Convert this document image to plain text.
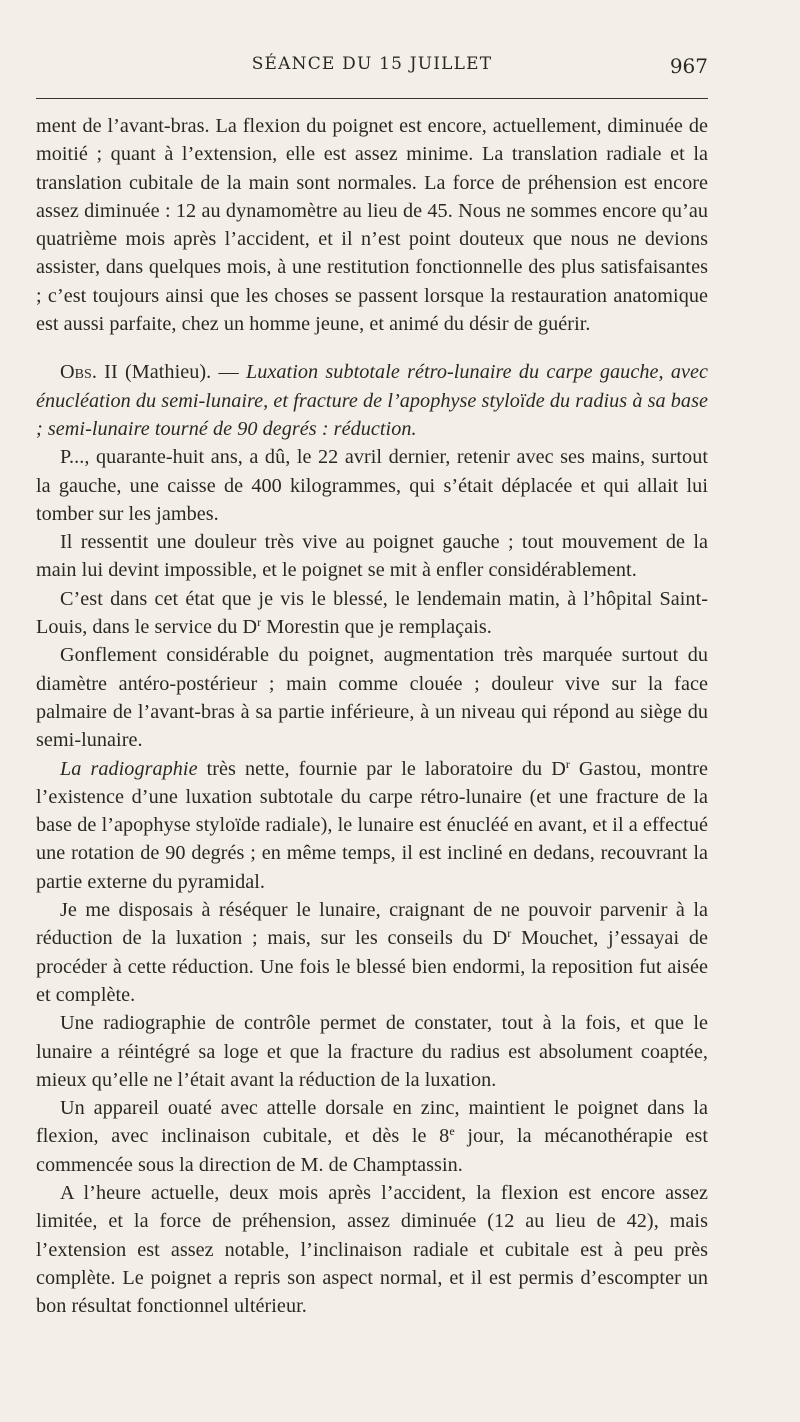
SÉANCE DU 15 JUILLET	967

ment de l’avant-bras. La flexion du poignet est encore, actuellement, diminuée de moitié ; quant à l’extension, elle est assez minime. La translation radiale et la translation cubitale de la main sont normales. La force de préhension est encore assez diminuée : 12 au dynamomètre au lieu de 45. Nous ne sommes encore qu’au quatrième mois après l’accident, et il n’est point douteux que nous ne devions assister, dans quelques mois, à une restitution fonctionnelle des plus satisfaisantes ; c’est toujours ainsi que les choses se passent lorsque la restauration anatomique est aussi parfaite, chez un homme jeune, et animé du désir de guérir.

Obs. II (Mathieu). — Luxation subtotale rétro-lunaire du carpe gauche, avec énucléation du semi-lunaire, et fracture de l’apophyse styloïde du radius à sa base ; semi-lunaire tourné de 90 degrés : réduction.

P..., quarante-huit ans, a dû, le 22 avril dernier, retenir avec ses mains, surtout la gauche, une caisse de 400 kilogrammes, qui s’était déplacée et qui allait lui tomber sur les jambes.

Il ressentit une douleur très vive au poignet gauche ; tout mouvement de la main lui devint impossible, et le poignet se mit à enfler considérablement.

C’est dans cet état que je vis le blessé, le lendemain matin, à l’hôpital Saint-Louis, dans le service du $D^r$ Morestin que je remplaçais.

Gonflement considérable du poignet, augmentation très marquée surtout du diamètre antéro-postérieur ; main comme clouée ; douleur vive sur la face palmaire de l’avant-bras à sa partie inférieure, à un niveau qui répond au siège du semi-lunaire.

La radiographie très nette, fournie par le laboratoire du $D^r$ Gastou, montre l’existence d’une luxation subtotale du carpe rétro-lunaire (et une fracture de la base de l’apophyse styloïde radiale), le lunaire est énucléé en avant, et il a effectué une rotation de 90 degrés ; en même temps, il est incliné en dedans, recouvrant la partie externe du pyramidal.

Je me disposais à réséquer le lunaire, craignant de ne pouvoir parvenir à la réduction de la luxation ; mais, sur les conseils du $D^r$ Mouchet, j’essayai de procéder à cette réduction. Une fois le blessé bien endormi, la reposition fut aisée et complète.

Une radiographie de contrôle permet de constater, tout à la fois, et que le lunaire a réintégré sa loge et que la fracture du radius est absolument coaptée, mieux qu’elle ne l’était avant la réduction de la luxation.

Un appareil ouaté avec attelle dorsale en zinc, maintient le poignet dans la flexion, avec inclinaison cubitale, et dès le 8e jour, la mécanothérapie est commencée sous la direction de M. de Champtassin.

A l’heure actuelle, deux mois après l’accident, la flexion est encore assez limitée, et la force de préhension, assez diminuée (12 au lieu de 42), mais l’extension est assez notable, l’inclinaison radiale et cubitale est à peu près complète. Le poignet a repris son aspect normal, et il est permis d’escompter un bon résultat fonctionnel ultérieur.
